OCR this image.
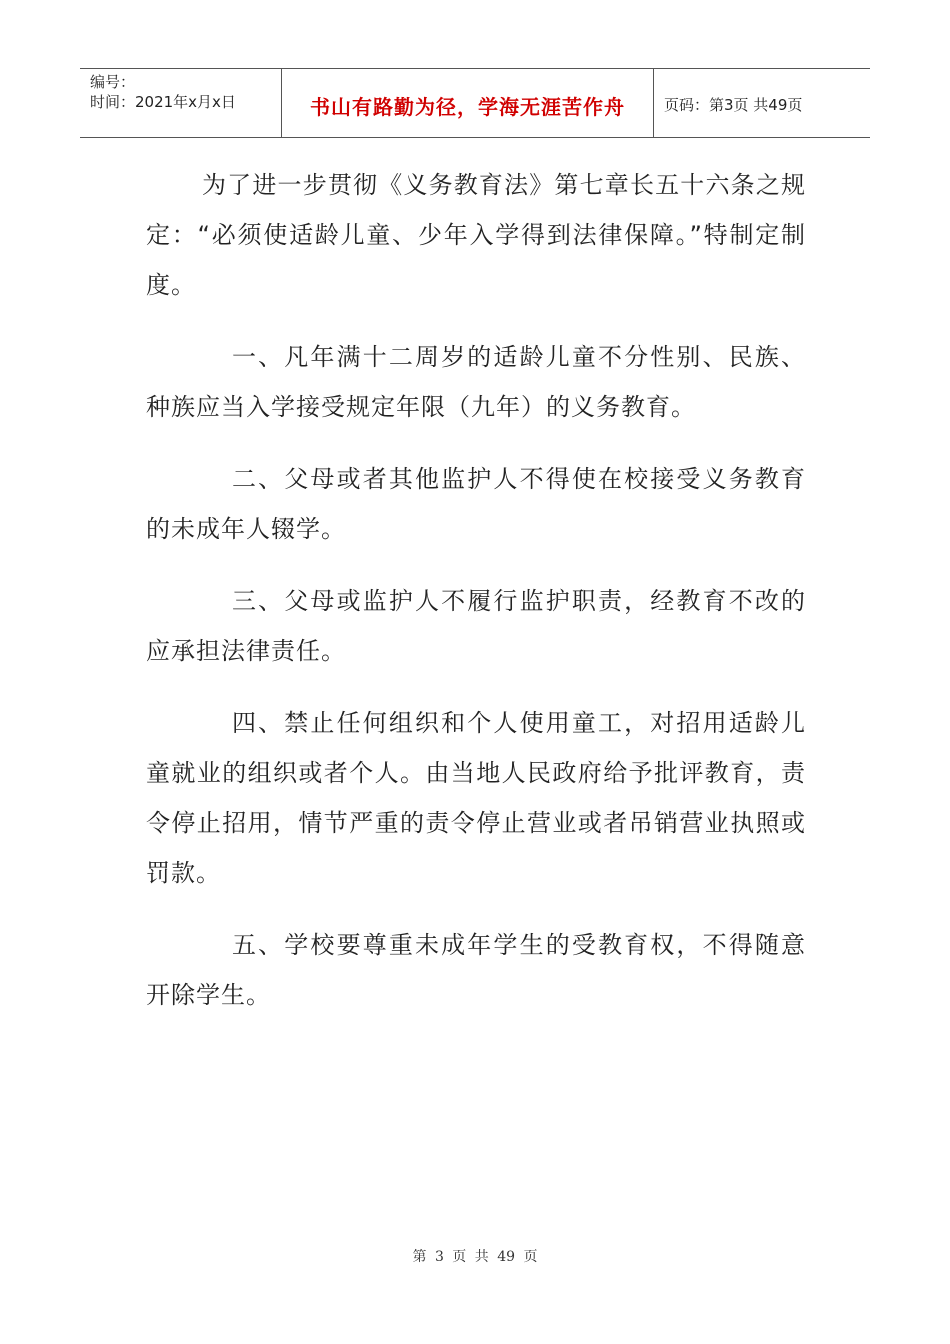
编号：
时间：2021年x月x日	书山有路勤为径，学海无涯苦作舟	页码：第3页 共49页

为了进一步贯彻《义务教育法》第七章长五十六条之规定：“必须使适龄儿童、少年入学得到法律保障。”特制定制度。

一、凡年满十二周岁的适龄儿童不分性别、民族、种族应当入学接受规定年限（九年）的义务教育。

二、父母或者其他监护人不得使在校接受义务教育的未成年人辍学。

三、父母或监护人不履行监护职责，经教育不改的应承担法律责任。

四、禁止任何组织和个人使用童工，对招用适龄儿童就业的组织或者个人。由当地人民政府给予批评教育，责令停止招用，情节严重的责令停止营业或者吊销营业执照或罚款。

五、学校要尊重未成年学生的受教育权，不得随意开除学生。

第 3 页 共 49 页
